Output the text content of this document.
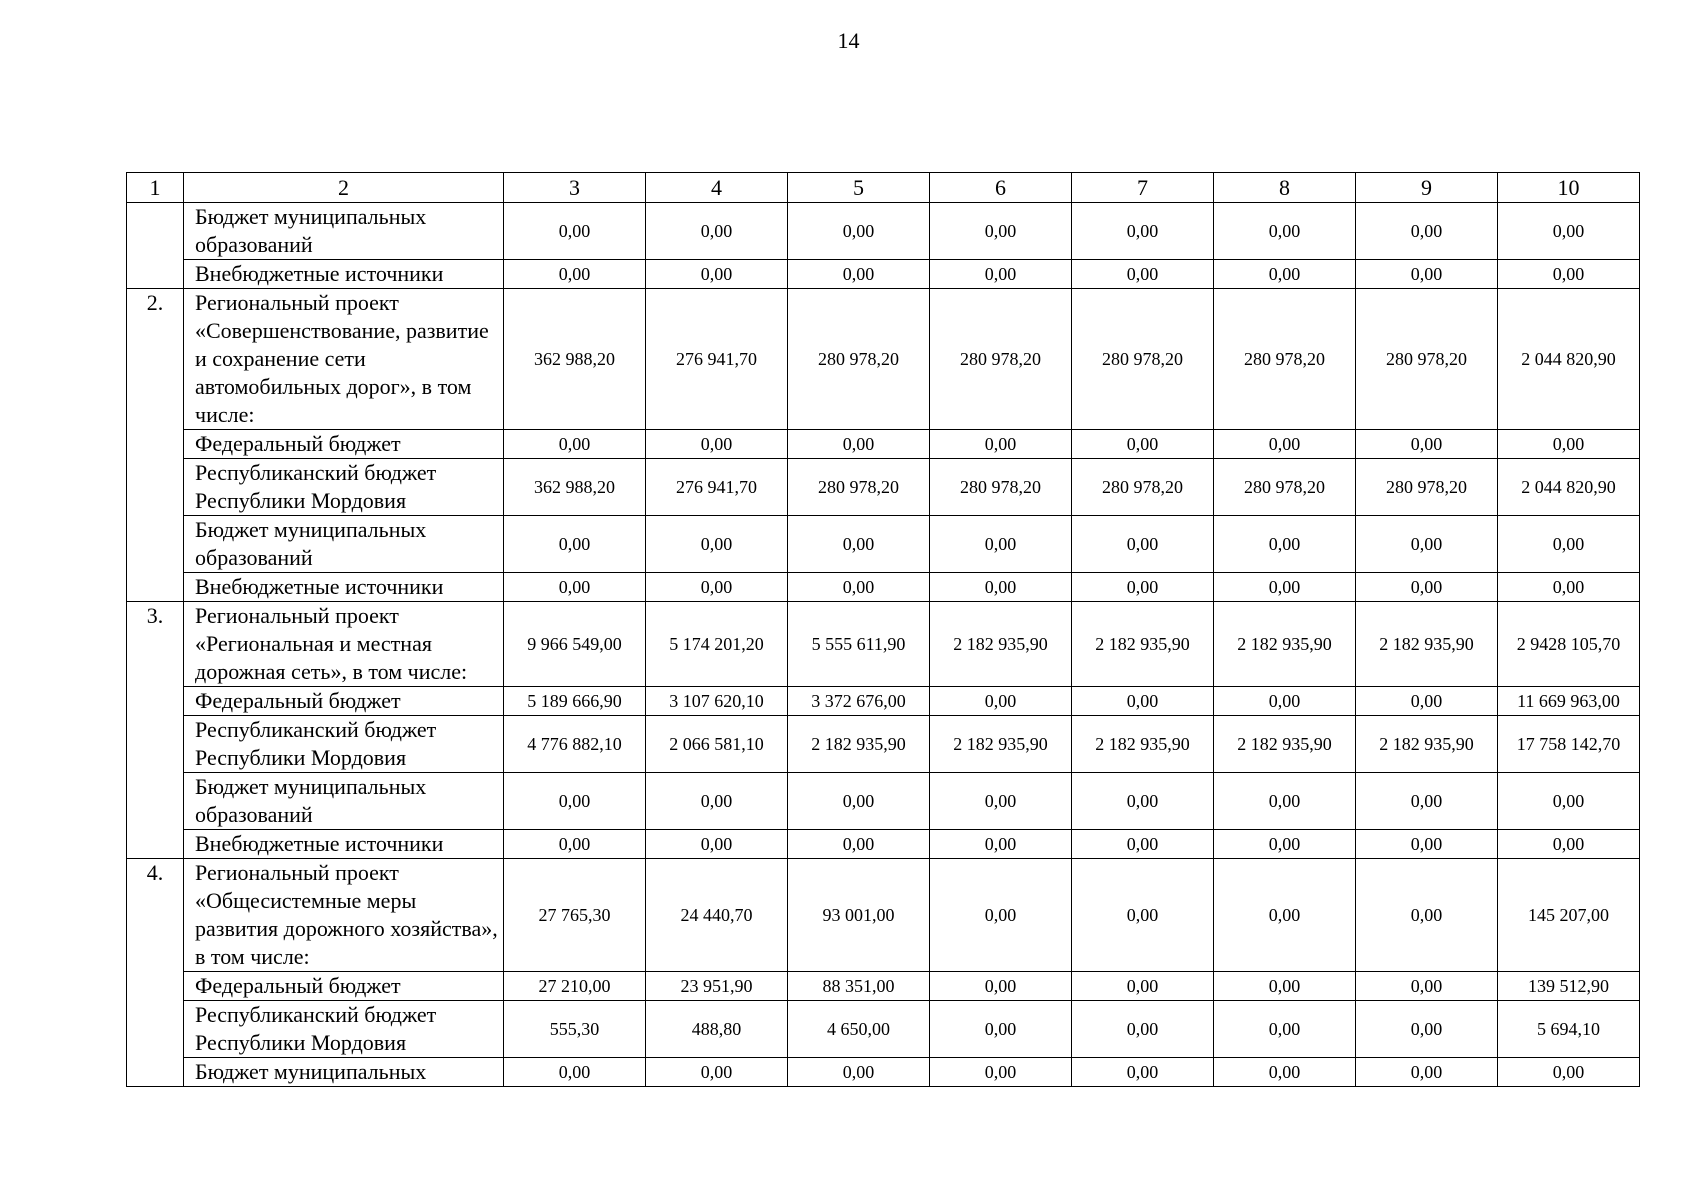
14
1	2	3	4	5	6	7	8	9	10
	Бюджет муниципальных образований	0,00	0,00	0,00	0,00	0,00	0,00	0,00	0,00
	Внебюджетные источники	0,00	0,00	0,00	0,00	0,00	0,00	0,00	0,00
2.	Региональный проект «Совершенствование, развитие и сохранение сети автомобильных дорог», в том числе:	362 988,20	276 941,70	280 978,20	280 978,20	280 978,20	280 978,20	280 978,20	2 044 820,90
	Федеральный бюджет	0,00	0,00	0,00	0,00	0,00	0,00	0,00	0,00
	Республиканский бюджет Республики Мордовия	362 988,20	276 941,70	280 978,20	280 978,20	280 978,20	280 978,20	280 978,20	2 044 820,90
	Бюджет муниципальных образований	0,00	0,00	0,00	0,00	0,00	0,00	0,00	0,00
	Внебюджетные источники	0,00	0,00	0,00	0,00	0,00	0,00	0,00	0,00
3.	Региональный проект «Региональная и местная дорожная сеть», в том числе:	9 966 549,00	5 174 201,20	5 555 611,90	2 182 935,90	2 182 935,90	2 182 935,90	2 182 935,90	2 9428 105,70
	Федеральный бюджет	5 189 666,90	3 107 620,10	3 372 676,00	0,00	0,00	0,00	0,00	11 669 963,00
	Республиканский бюджет Республики Мордовия	4 776 882,10	2 066 581,10	2 182 935,90	2 182 935,90	2 182 935,90	2 182 935,90	2 182 935,90	17 758 142,70
	Бюджет муниципальных образований	0,00	0,00	0,00	0,00	0,00	0,00	0,00	0,00
	Внебюджетные источники	0,00	0,00	0,00	0,00	0,00	0,00	0,00	0,00
4.	Региональный проект «Общесистемные меры развития дорожного хозяйства», в том числе:	27 765,30	24 440,70	93 001,00	0,00	0,00	0,00	0,00	145 207,00
	Федеральный бюджет	27 210,00	23 951,90	88 351,00	0,00	0,00	0,00	0,00	139 512,90
	Республиканский бюджет Республики Мордовия	555,30	488,80	4 650,00	0,00	0,00	0,00	0,00	5 694,10
	Бюджет муниципальных	0,00	0,00	0,00	0,00	0,00	0,00	0,00	0,00
